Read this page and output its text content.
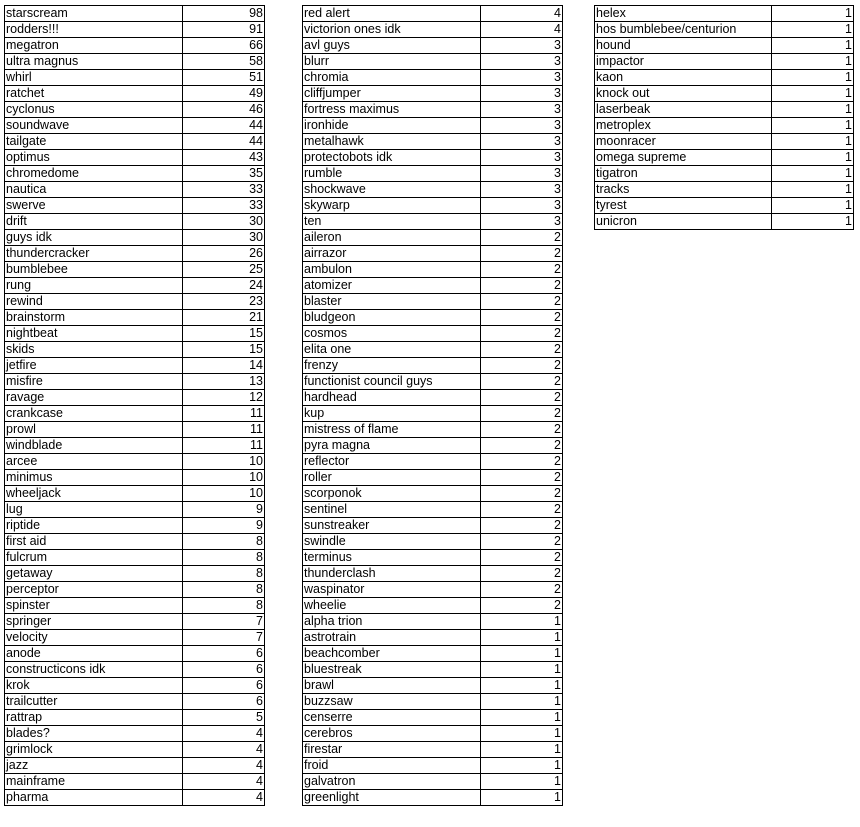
starscream	98
rodders!!!	91
megatron	66
ultra magnus	58
whirl	51
ratchet	49
cyclonus	46
soundwave	44
tailgate	44
optimus	43
chromedome	35
nautica	33
swerve	33
drift	30
guys idk	30
thundercracker	26
bumblebee	25
rung	24
rewind	23
brainstorm	21
nightbeat	15
skids	15
jetfire	14
misfire	13
ravage	12
crankcase	11
prowl	11
windblade	11
arcee	10
minimus	10
wheeljack	10
lug	9
riptide	9
first aid	8
fulcrum	8
getaway	8
perceptor	8
spinster	8
springer	7
velocity	7
anode	6
constructicons idk	6
krok	6
trailcutter	6
rattrap	5
blades?	4
grimlock	4
jazz	4
mainframe	4
pharma	4
red alert	4
victorion ones idk	4
avl guys	3
blurr	3
chromia	3
cliffjumper	3
fortress maximus	3
ironhide	3
metalhawk	3
protectobots idk	3
rumble	3
shockwave	3
skywarp	3
ten	3
aileron	2
airrazor	2
ambulon	2
atomizer	2
blaster	2
bludgeon	2
cosmos	2
elita one	2
frenzy	2
functionist council guys	2
hardhead	2
kup	2
mistress of flame	2
pyra magna	2
reflector	2
roller	2
scorponok	2
sentinel	2
sunstreaker	2
swindle	2
terminus	2
thunderclash	2
waspinator	2
wheelie	2
alpha trion	1
astrotrain	1
beachcomber	1
bluestreak	1
brawl	1
buzzsaw	1
censerre	1
cerebros	1
firestar	1
froid	1
galvatron	1
greenlight	1
helex	1
hos bumblebee/centurion	1
hound	1
impactor	1
kaon	1
knock out	1
laserbeak	1
metroplex	1
moonracer	1
omega supreme	1
tigatron	1
tracks	1
tyrest	1
unicron	1
